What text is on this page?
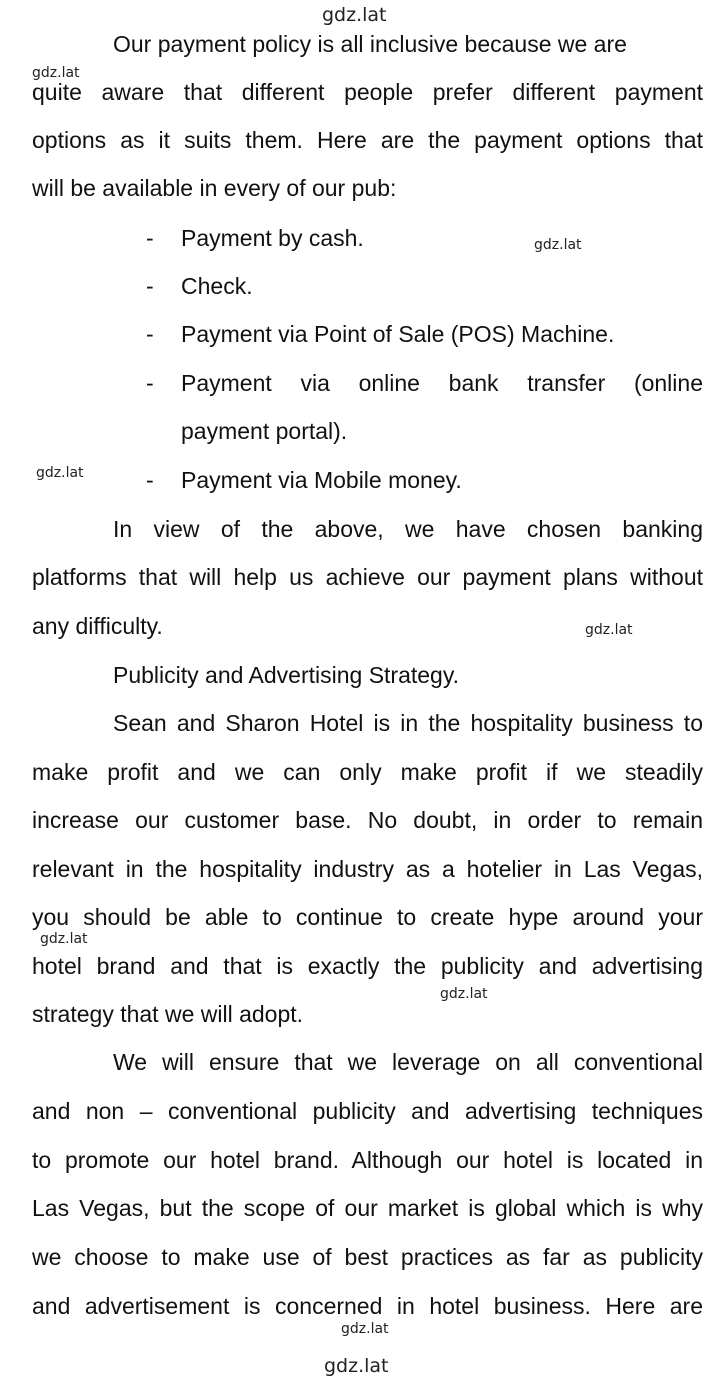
gdz.lat
Our payment policy is all inclusive because we are
gdz.lat
quite aware that different people prefer different payment
options as it suits them. Here are the payment options that
will be available in every of our pub:
- Payment by cash.	gdz.lat
- Check.
- Payment via Point of Sale (POS) Machine.
- Payment via online bank transfer (online
payment portal).
gdz.lat	- Payment via Mobile money.
In view of the above, we have chosen banking
platforms that will help us achieve our payment plans without
any difficulty.	gdz.lat
Publicity and Advertising Strategy.
Sean and Sharon Hotel is in the hospitality business to
make profit and we can only make profit if we steadily
increase our customer base. No doubt, in order to remain
relevant in the hospitality industry as a hotelier in Las Vegas,
you should be able to continue to create hype around your
gdz.lat
hotel brand and that is exactly the publicity and advertising
gdz.lat
strategy that we will adopt.
We will ensure that we leverage on all conventional
and non – conventional publicity and advertising techniques
to promote our hotel brand. Although our hotel is located in
Las Vegas, but the scope of our market is global which is why
we choose to make use of best practices as far as publicity
and advertisement is concerned in hotel business. Here are
gdz.lat
gdz.lat
